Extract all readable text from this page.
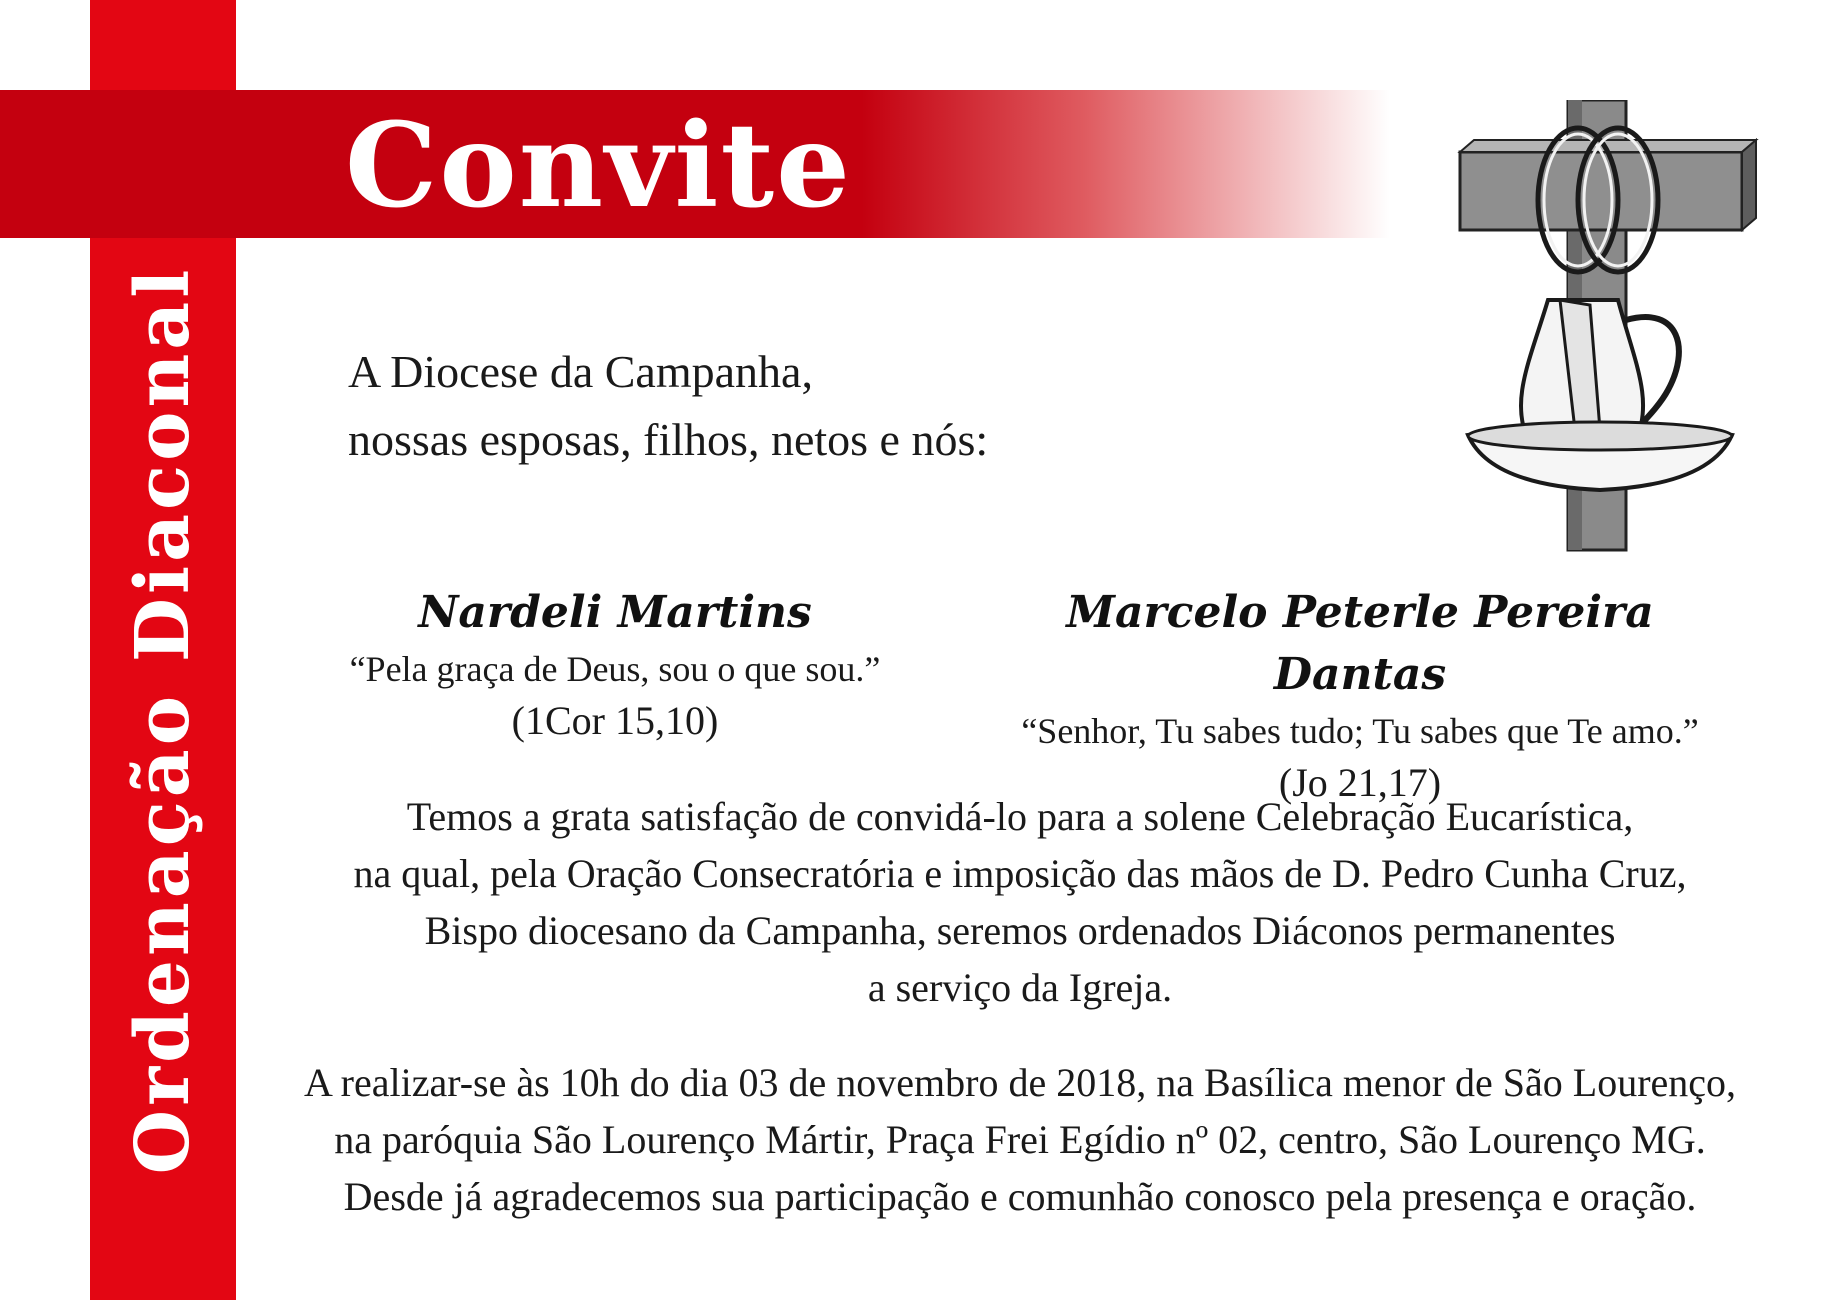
Ordenação Diaconal
Convite
A Diocese da Campanha,
nossas esposas, filhos, netos e nós:
Nardeli Martins
“Pela graça de Deus, sou o que sou.”
(1Cor 15,10)
Marcelo Peterle Pereira Dantas
“Senhor, Tu sabes tudo; Tu sabes que Te amo.”
(Jo 21,17)
Temos a grata satisfação de convidá-lo para a solene Celebração Eucarística,
na qual, pela Oração Consecratória e imposição das mãos de D. Pedro Cunha Cruz,
Bispo diocesano da Campanha, seremos ordenados Diáconos permanentes
a serviço da Igreja.
A realizar-se às 10h do dia 03 de novembro de 2018, na Basílica menor de São Lourenço,
na paróquia São Lourenço Mártir, Praça Frei Egídio nº 02, centro, São Lourenço MG.
Desde já agradecemos sua participação e comunhão conosco pela presença e oração.
